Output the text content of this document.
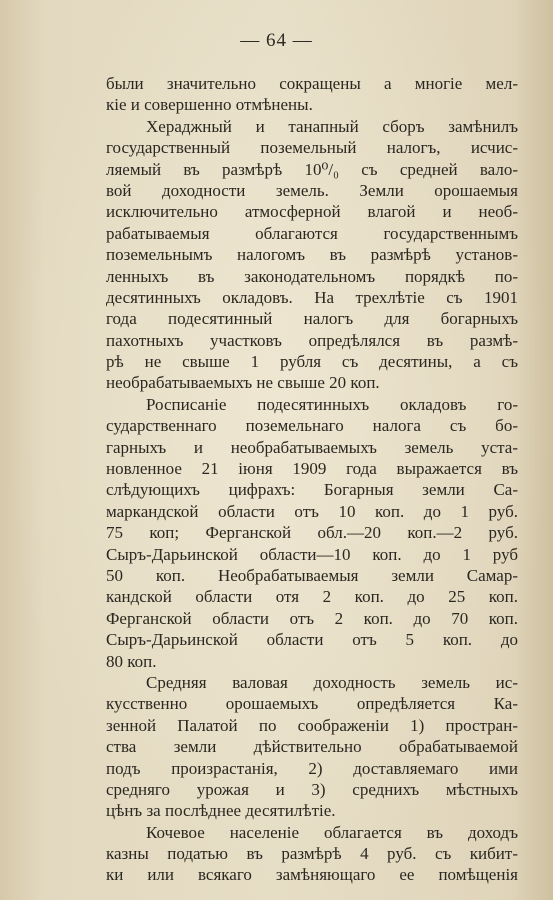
— 64 —
были значительно сокращены а многіе мел-
кіе и совершенно отмѣнены.
Хераджный и танапный сборъ замѣнилъ
государственный поземельный налогъ, исчис-
ляемый въ размѣрѣ 10⁰/₀ съ средней вало-
вой доходности земель. Земли орошаемыя
исключительно атмосферной влагой и необ-
рабатываемыя облагаются государственнымъ
поземельнымъ налогомъ въ размѣрѣ установ-
ленныхъ въ законодательномъ порядкѣ по-
десятинныхъ окладовъ. На трехлѣтіе съ 1901
года подесятинный налогъ для богарныхъ
пахотныхъ участковъ опредѣлялся въ размѣ-
рѣ не свыше 1 рубля съ десятины, а съ
необрабатываемыхъ не свыше 20 коп.
Росписаніе подесятинныхъ окладовъ го-
сударственнаго поземельнаго налога съ бо-
гарныхъ и необрабатываемыхъ земель уста-
новленное 21 іюня 1909 года выражается въ
слѣдующихъ цифрахъ: Богарныя земли Са-
маркандской области отъ 10 коп. до 1 руб.
75 коп; Ферганской обл.—20 коп.—2 руб.
Сыръ-Дарьинской области—10 коп. до 1 руб
50 коп. Необрабатываемыя земли Самар-
кандской области отя 2 коп. до 25 коп.
Ферганской области отъ 2 коп. до 70 коп.
Сыръ-Дарьинской области отъ 5 коп. до
80 коп.
Средняя валовая доходность земель ис-
кусственно орошаемыхъ опредѣляется Ка-
зенной Палатой по соображеніи 1) простран-
ства земли дѣйствительно обрабатываемой
подъ произрастанія, 2) доставляемаго ими
средняго урожая и 3) среднихъ мѣстныхъ
цѣнъ за послѣднее десятилѣтіе.
Кочевое населеніе облагается въ доходъ
казны податью въ размѣрѣ 4 руб. съ кибит-
ки или всякаго замѣняющаго ее помѣщенія
